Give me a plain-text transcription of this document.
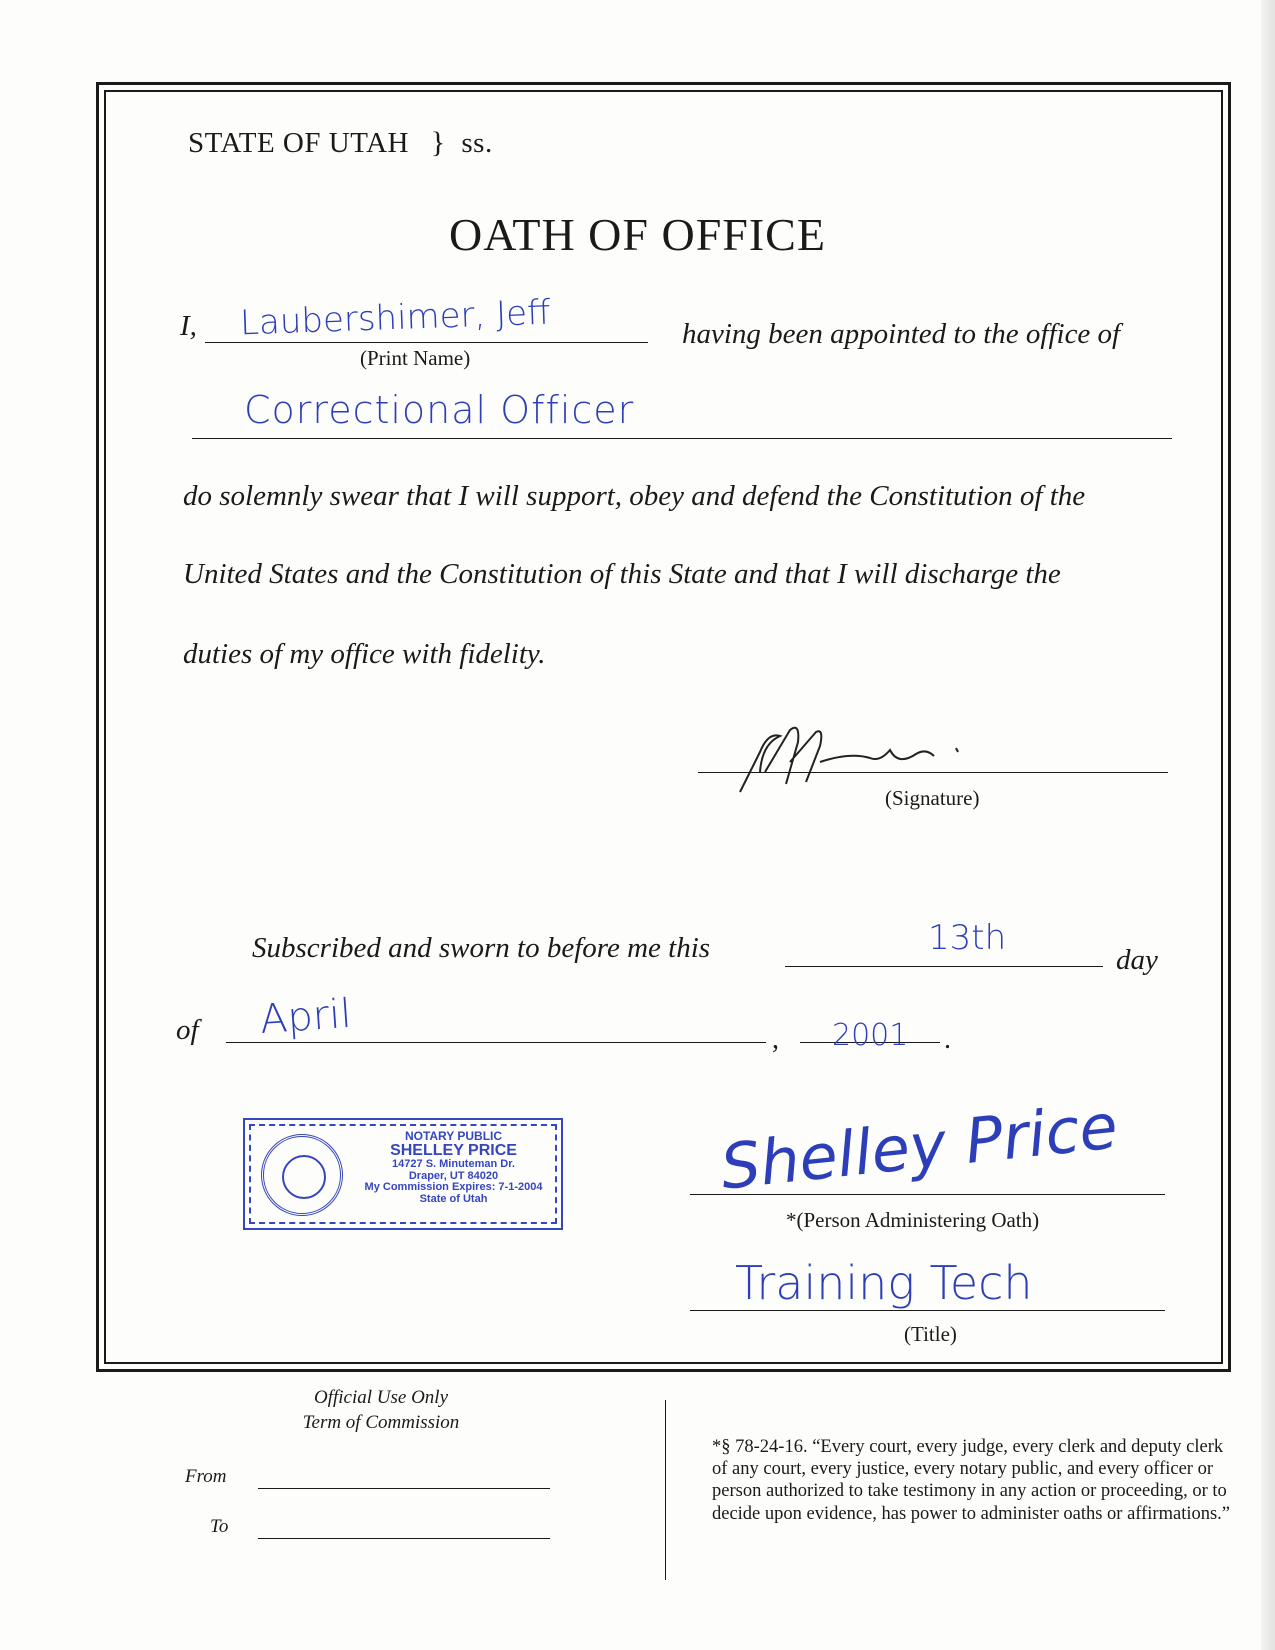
STATE OF UTAH } ss.
OATH OF OFFICE
I, Laubershimer, Jeff
(Print Name)
having been appointed to the office of
Correctional Officer
do solemnly swear that I will support, obey and defend the Constitution of the
United States and the Constitution of this State and that I will discharge the
duties of my office with fidelity.
(Signature)
Subscribed and sworn to before me this	13th
day
of April	, 2001 .
NOTARY PUBLIC
SHELLEY PRICE
14727 S. Minuteman Dr.
Draper, UT 84020
My Commission Expires: 7-1-2004
State of Utah	Shelley Price
*(Person Administering Oath)
Training Tech
(Title)
Official Use Only
Term of Commission
From
To
*§ 78-24-16. “Every court, every judge, every clerk and deputy clerk of any court, every justice, every notary public, and every officer or person authorized to take testimony in any action or proceeding, or to decide upon evidence, has power to administer oaths or affirmations.”
